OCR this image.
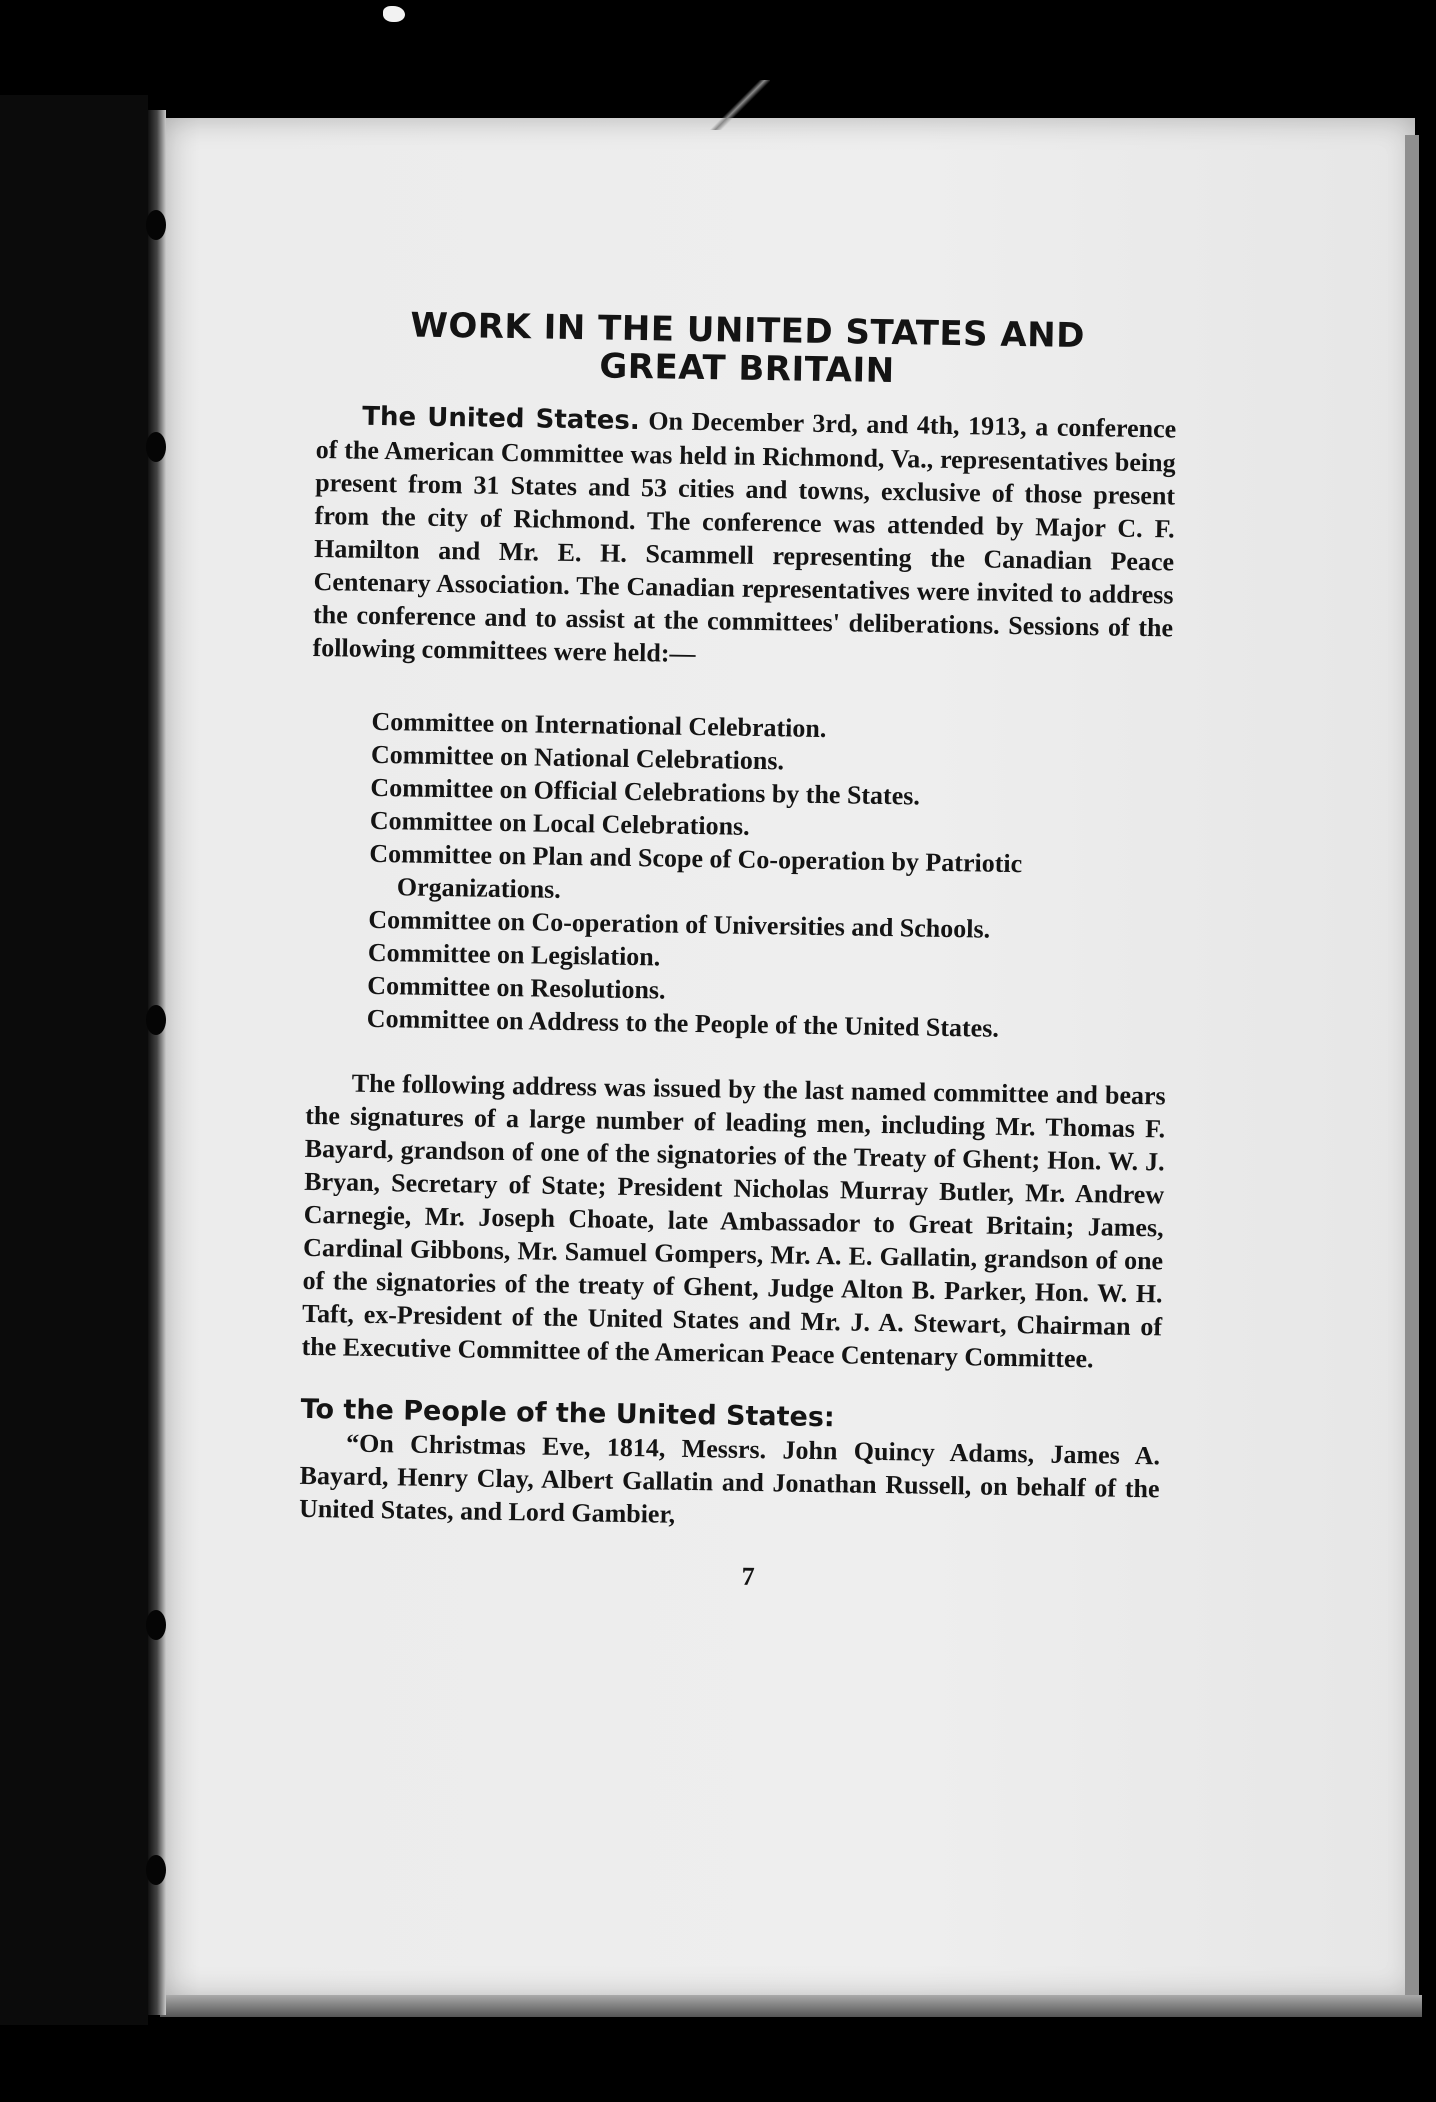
WORK IN THE UNITED STATES AND
GREAT BRITAIN

The United States. On December 3rd, and 4th, 1913, a conference of the American Committee was held in Richmond, Va., representatives being present from 31 States and 53 cities and towns, exclusive of those present from the city of Richmond. The conference was attended by Major C. F. Hamilton and Mr. E. H. Scammell representing the Canadian Peace Centenary Association. The Canadian representatives were invited to address the conference and to assist at the committees' deliberations. Sessions of the following committees were held:—

Committee on International Celebration.
Committee on National Celebrations.
Committee on Official Celebrations by the States.
Committee on Local Celebrations.
Committee on Plan and Scope of Co-operation by Patriotic Organizations.
Committee on Co-operation of Universities and Schools.
Committee on Legislation.
Committee on Resolutions.
Committee on Address to the People of the United States.

The following address was issued by the last named committee and bears the signatures of a large number of leading men, including Mr. Thomas F. Bayard, grandson of one of the signatories of the Treaty of Ghent; Hon. W. J. Bryan, Secretary of State; President Nicholas Murray Butler, Mr. Andrew Carnegie, Mr. Joseph Choate, late Ambassador to Great Britain; James, Cardinal Gibbons, Mr. Samuel Gompers, Mr. A. E. Gallatin, grandson of one of the signatories of the treaty of Ghent, Judge Alton B. Parker, Hon. W. H. Taft, ex-President of the United States and Mr. J. A. Stewart, Chairman of the Executive Committee of the American Peace Centenary Committee.

To the People of the United States:

“On Christmas Eve, 1814, Messrs. John Quincy Adams, James A. Bayard, Henry Clay, Albert Gallatin and Jonathan Russell, on behalf of the United States, and Lord Gambier,

7
